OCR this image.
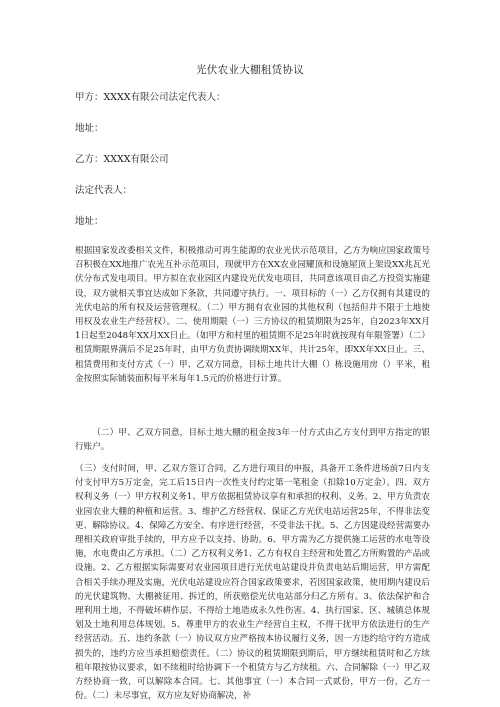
光伏农业大棚租赁协议
甲方：XXXX有限公司法定代表人：
地址：
乙方：XXXX有限公司
法定代表人：
地址：
根据国家发改委相关文件，积极推动可再生能源的农业光伏示范项目，乙方为响应国家政策号召积极在XX地推广农光互补示范项目，现就甲方在XX农业园耀顶和设施屋顶上架设XX兆瓦光伏分布式发电项目。甲方拟在农业园区内建设光伏发电项目，共同意该项目由乙方投资实施建设，双方就相关事宜达成如下条款，共同遵守执行。一、项目标的（一）乙方仅拥有其建设的光伏电站的所有权及运营管理权。（二）甲方拥有农业园的其他权利（包括但并不限于土地使用权及农业生产经营权）。二、使用期限（一）三方协议的租赁期限为25年，自2023年XX月1日起至2048年XX月XX日止。（如甲方和村里的租赁期不足25年时就按现有年限签署）（二）租赁期限界满后不足25年时，由甲方负责协调续期XX年，共计25年，即XX年XX日止。三、租赁费用和支付方式（一）甲、乙双方同意，目标土地共计大棚（）栋设施用房（）平米，租金按照实际铺装面积每平米每年1.5元的价格进行计算。
（二）甲、乙双方同意，目标土地大棚的租金按3年一付方式由乙方支付到甲方指定的银行账户。
（三）支付时间，甲、乙双方签订合同，乙方进行项目的申报，具备开工条件进场前7日内支付支付甲方5万定金，完工后15日内一次性支付约定第一笔租金（扣除10万定金）。四、双方权利义务（一）甲方权利义务1、甲方依据租赁协议享有和承担的权利、义务。2、甲方负责农业园农业大棚的种植和运营。3、维护乙方经营权、保证乙方光伏电站运营25年，不得非法变更、解除协议。4、保障乙方安全、有序进行经营，不受非法干扰。5、乙方因建设经营需要办理相关政府审批手续的，甲方应予以支持、协助。6、甲方需为乙方提供施工运营的水电等设施，水电费由乙方承担。（二）乙方权利义务1、乙方有权自主经营和处置乙方所购置的产品或设施。2、乙方根据实际需要对农业园项目进行光伏电站建设并负责电站后期运营，甲方需配合相关手续办理及实施，光伏电站建设应符合国家政策要求，若因国家政策，使用期内建设后的光伏建筑物、大棚被征用、拆迁的，所获赔偿光伏电站部分归乙方所有。3、依法保护和合理利用土地，不得破坏耕作层、不得给土地造成永久性伤害。4、执行国家、区、城镇总体规划及土地利用总体规划。5、尊重甲方的农业生产经营自主权，不得干扰甲方依法进行的生产经营活动。五、违约条款（一）协议双方应严格按本协议履行义务，因一方违约给守约方造成损失的，违约方应当承担赔偿责任。（二）协议的租赁期限到期后，甲方继续租赁时和乙方续租年限按协议要求，如不续租时给协调下一个租赁方与乙方续租。六、合同解除（一）甲乙双方经协商一致，可以解除本合同。七、其他事宜（一）本合同一式贰份，甲方一份，乙方一份。（二）未尽事宜，双方应友好协商解决，补
